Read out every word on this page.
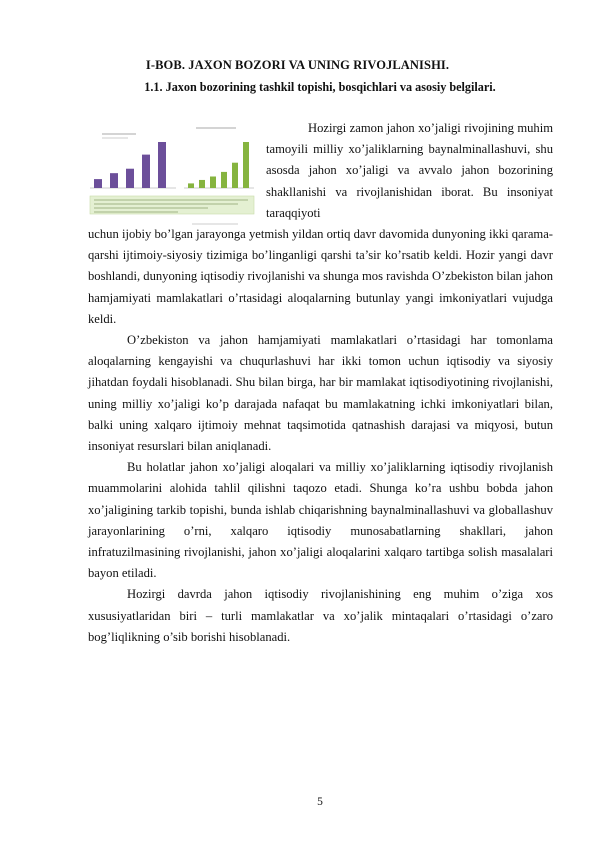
I-BOB. JAXON BOZORI VA UNING RIVOJLANISHI.
1.1. Jaxon bozorining tashkil topishi, bosqichlari va asosiy belgilari.

Hozirgi zamon jahon xo’jaligi rivojining muhim tamoyili milliy xo’jaliklarning baynalminallashuvi, shu asosda jahon xo’jaligi va avvalo jahon bozorining shakllanishi va rivojlanishidan iborat. Bu insoniyat taraqqiyoti

uchun ijobiy bo’lgan jarayonga yetmish yildan ortiq davr davomida dunyoning ikki qarama-qarshi ijtimoiy-siyosiy tizimiga bo’linganligi qarshi ta’sir ko’rsatib keldi. Hozir yangi davr boshlandi, dunyoning iqtisodiy rivojlanishi va shunga mos ravishda O’zbekiston bilan jahon hamjamiyati mamlakatlari o’rtasidagi aloqalarning butunlay yangi imkoniyatlari vujudga keldi.

O’zbekiston va jahon hamjamiyati mamlakatlari o’rtasidagi har tomonlama aloqalarning kengayishi va chuqurlashuvi har ikki tomon uchun iqtisodiy va siyosiy jihatdan foydali hisoblanadi. Shu bilan birga, har bir mamlakat iqtisodiyotining rivojlanishi, uning milliy xo’jaligi ko’p darajada nafaqat bu mamlakatning ichki imkoniyatlari bilan, balki uning xalqaro ijtimoiy mehnat taqsimotida qatnashish darajasi va miqyosi, butun insoniyat resurslari bilan aniqlanadi.

Bu holatlar jahon xo’jaligi aloqalari va milliy xo’jaliklarning iqtisodiy rivojlanish muammolarini alohida tahlil qilishni taqozo etadi. Shunga ko’ra ushbu bobda jahon xo’jaligining tarkib topishi, bunda ishlab chiqarishning baynalminallashuvi va globallashuv jarayonlarining o’rni, xalqaro iqtisodiy munosabatlarning shakllari, jahon infratuzilmasining rivojlanishi, jahon xo’jaligi aloqalarini xalqaro tartibga solish masalalari bayon etiladi.

Hozirgi davrda jahon iqtisodiy rivojlanishining eng muhim o’ziga xos xususiyatlaridan biri – turli mamlakatlar va xo’jalik mintaqalari o’rtasidagi o’zaro bog’liqlikning o’sib borishi hisoblanadi.

5
